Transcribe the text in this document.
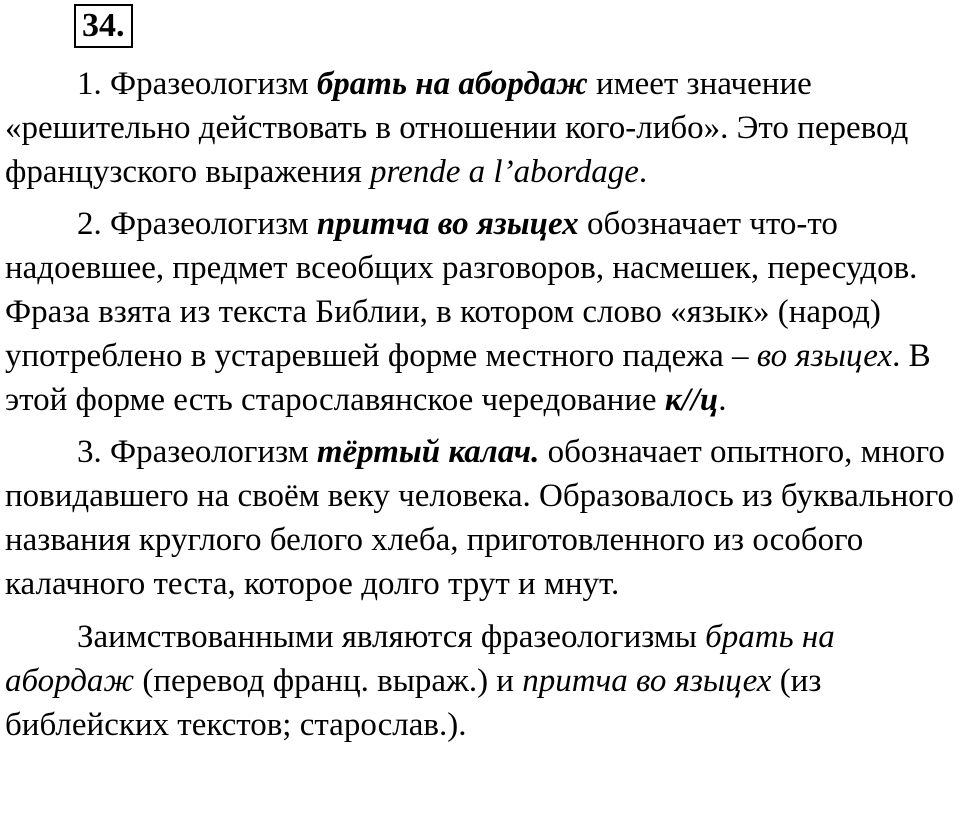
34.

1. Фразеологизм брать на абордаж имеет значение «решительно действовать в отношении кого-либо». Это перевод французского выражения prende a l’abordage.

2. Фразеологизм притча во языцех обозначает что-то надоевшее, предмет всеобщих разговоров, насмешек, пересудов. Фраза взята из текста Библии, в котором слово «язык» (народ) употреблено в устаревшей форме местного падежа – во языцех. В этой форме есть старославянское чередование к//ц.

3. Фразеологизм тёртый калач. обозначает опытного, много повидавшего на своём веку человека. Образовалось из буквального названия круглого белого хлеба, приготовленного из особого калачного теста, которое долго трут и мнут.

Заимствованными являются фразеологизмы брать на абордаж (перевод франц. выраж.) и притча во языцех (из библейских текстов; старослав.).
